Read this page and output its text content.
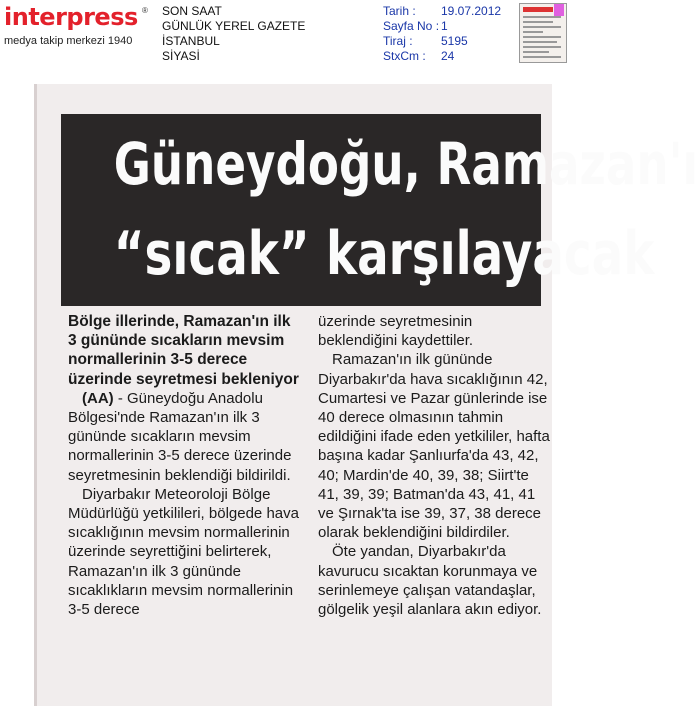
interpress ®
medya takip merkezi 1940
SON SAAT
GÜNLÜK YEREL GAZETE
İSTANBUL
SİYASİ
Tarih : 19.07.2012
Sayfa No : 1
Tiraj : 5195
StxCm : 24
Güneydoğu, Ramazan'ı
“sıcak” karşılayacak

Bölge illerinde, Ramazan'ın ilk 3 gününde sıcakların mevsim normallerinin 3-5 derece üzerinde seyretmesi bekleniyor

(AA) - Güneydoğu Anadolu Bölgesi'nde Ramazan'ın ilk 3 gününde sıcakların mevsim normallerinin 3-5 derece üzerinde seyretmesinin beklendiği bildirildi.

Diyarbakır Meteoroloji Bölge Müdürlüğü yetkilileri, bölgede hava sıcaklığının mevsim normallerinin üzerinde seyrettiğini belirterek, Ramazan'ın ilk 3 gününde sıcaklıkların mevsim normallerinin 3-5 derece

üzerinde seyretmesinin beklendiğini kaydettiler.

Ramazan'ın ilk gününde Diyarbakır'da hava sıcaklığının 42, Cumartesi ve Pazar günlerinde ise 40 derece olmasının tahmin edildiğini ifade eden yetkililer, hafta başına kadar Şanlıurfa'da 43, 42, 40; Mardin'de 40, 39, 38; Siirt'te 41, 39, 39; Batman'da 43, 41, 41 ve Şırnak'ta ise 39, 37, 38 derece olarak beklendiğini bildirdiler.

Öte yandan, Diyarbakır'da kavurucu sıcaktan korunmaya ve serinlemeye çalışan vatandaşlar, gölgelik yeşil alanlara akın ediyor.
